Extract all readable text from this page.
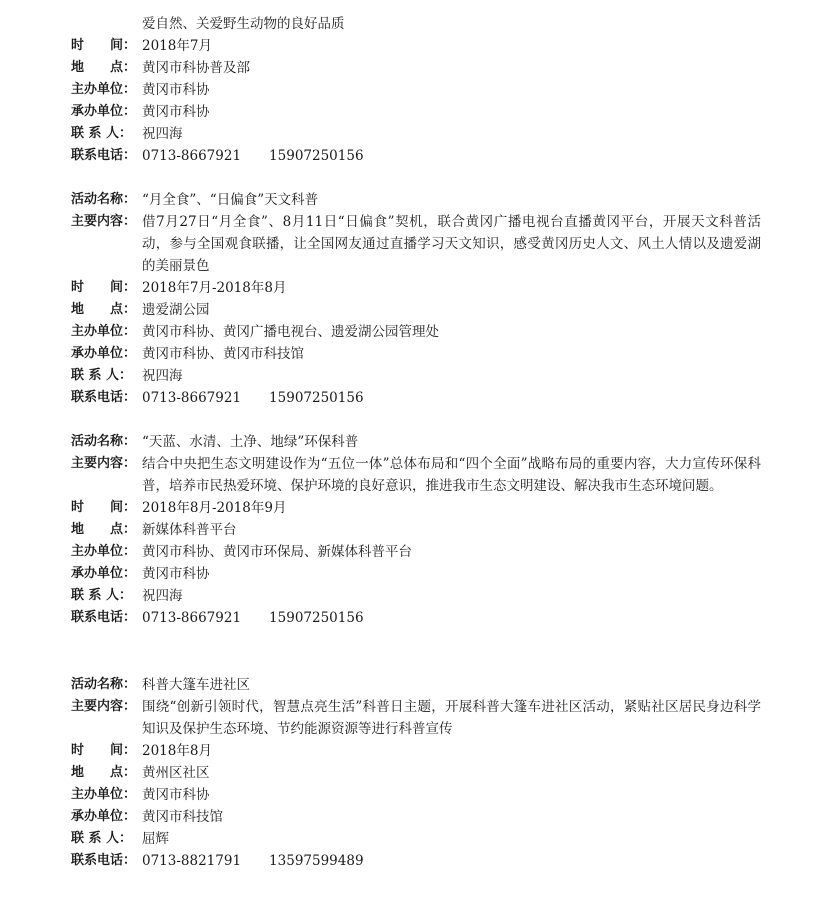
爱自然、关爱野生动物的良好品质
时　　间： 2018年7月
地　　点： 黄冈市科协普及部
主办单位： 黄冈市科协
承办单位： 黄冈市科协
联 系 人： 祝四海
联系电话： 0713-8667921 15907250156
活动名称： “月全食”、“日偏食”天文科普
主要内容： 借7月27日“月全食”、8月11日“日偏食”契机，联合黄冈广播电视台直播黄冈平台，开展天文科普活动，参与全国观食联播，让全国网友通过直播学习天文知识，感受黄冈历史人文、风土人情以及遗爱湖的美丽景色
时　　间： 2018年7月-2018年8月
地　　点： 遗爱湖公园
主办单位： 黄冈市科协、黄冈广播电视台、遗爱湖公园管理处
承办单位： 黄冈市科协、黄冈市科技馆
联 系 人： 祝四海
联系电话： 0713-8667921 15907250156
活动名称： “天蓝、水清、土净、地绿”环保科普
主要内容： 结合中央把生态文明建设作为“五位一体”总体布局和“四个全面”战略布局的重要内容，大力宣传环保科普，培养市民热爱环境、保护环境的良好意识，推进我市生态文明建设、解决我市生态环境问题。
时　　间： 2018年8月-2018年9月
地　　点： 新媒体科普平台
主办单位： 黄冈市科协、黄冈市环保局、新媒体科普平台
承办单位： 黄冈市科协
联 系 人： 祝四海
联系电话： 0713-8667921 15907250156
活动名称： 科普大篷车进社区
主要内容： 围绕“创新引领时代，智慧点亮生活”科普日主题，开展科普大篷车进社区活动，紧贴社区居民身边科学知识及保护生态环境、节约能源资源等进行科普宣传
时　　间： 2018年8月
地　　点： 黄州区社区
主办单位： 黄冈市科协
承办单位： 黄冈市科技馆
联 系 人： 屈辉
联系电话： 0713-8821791 13597599489
